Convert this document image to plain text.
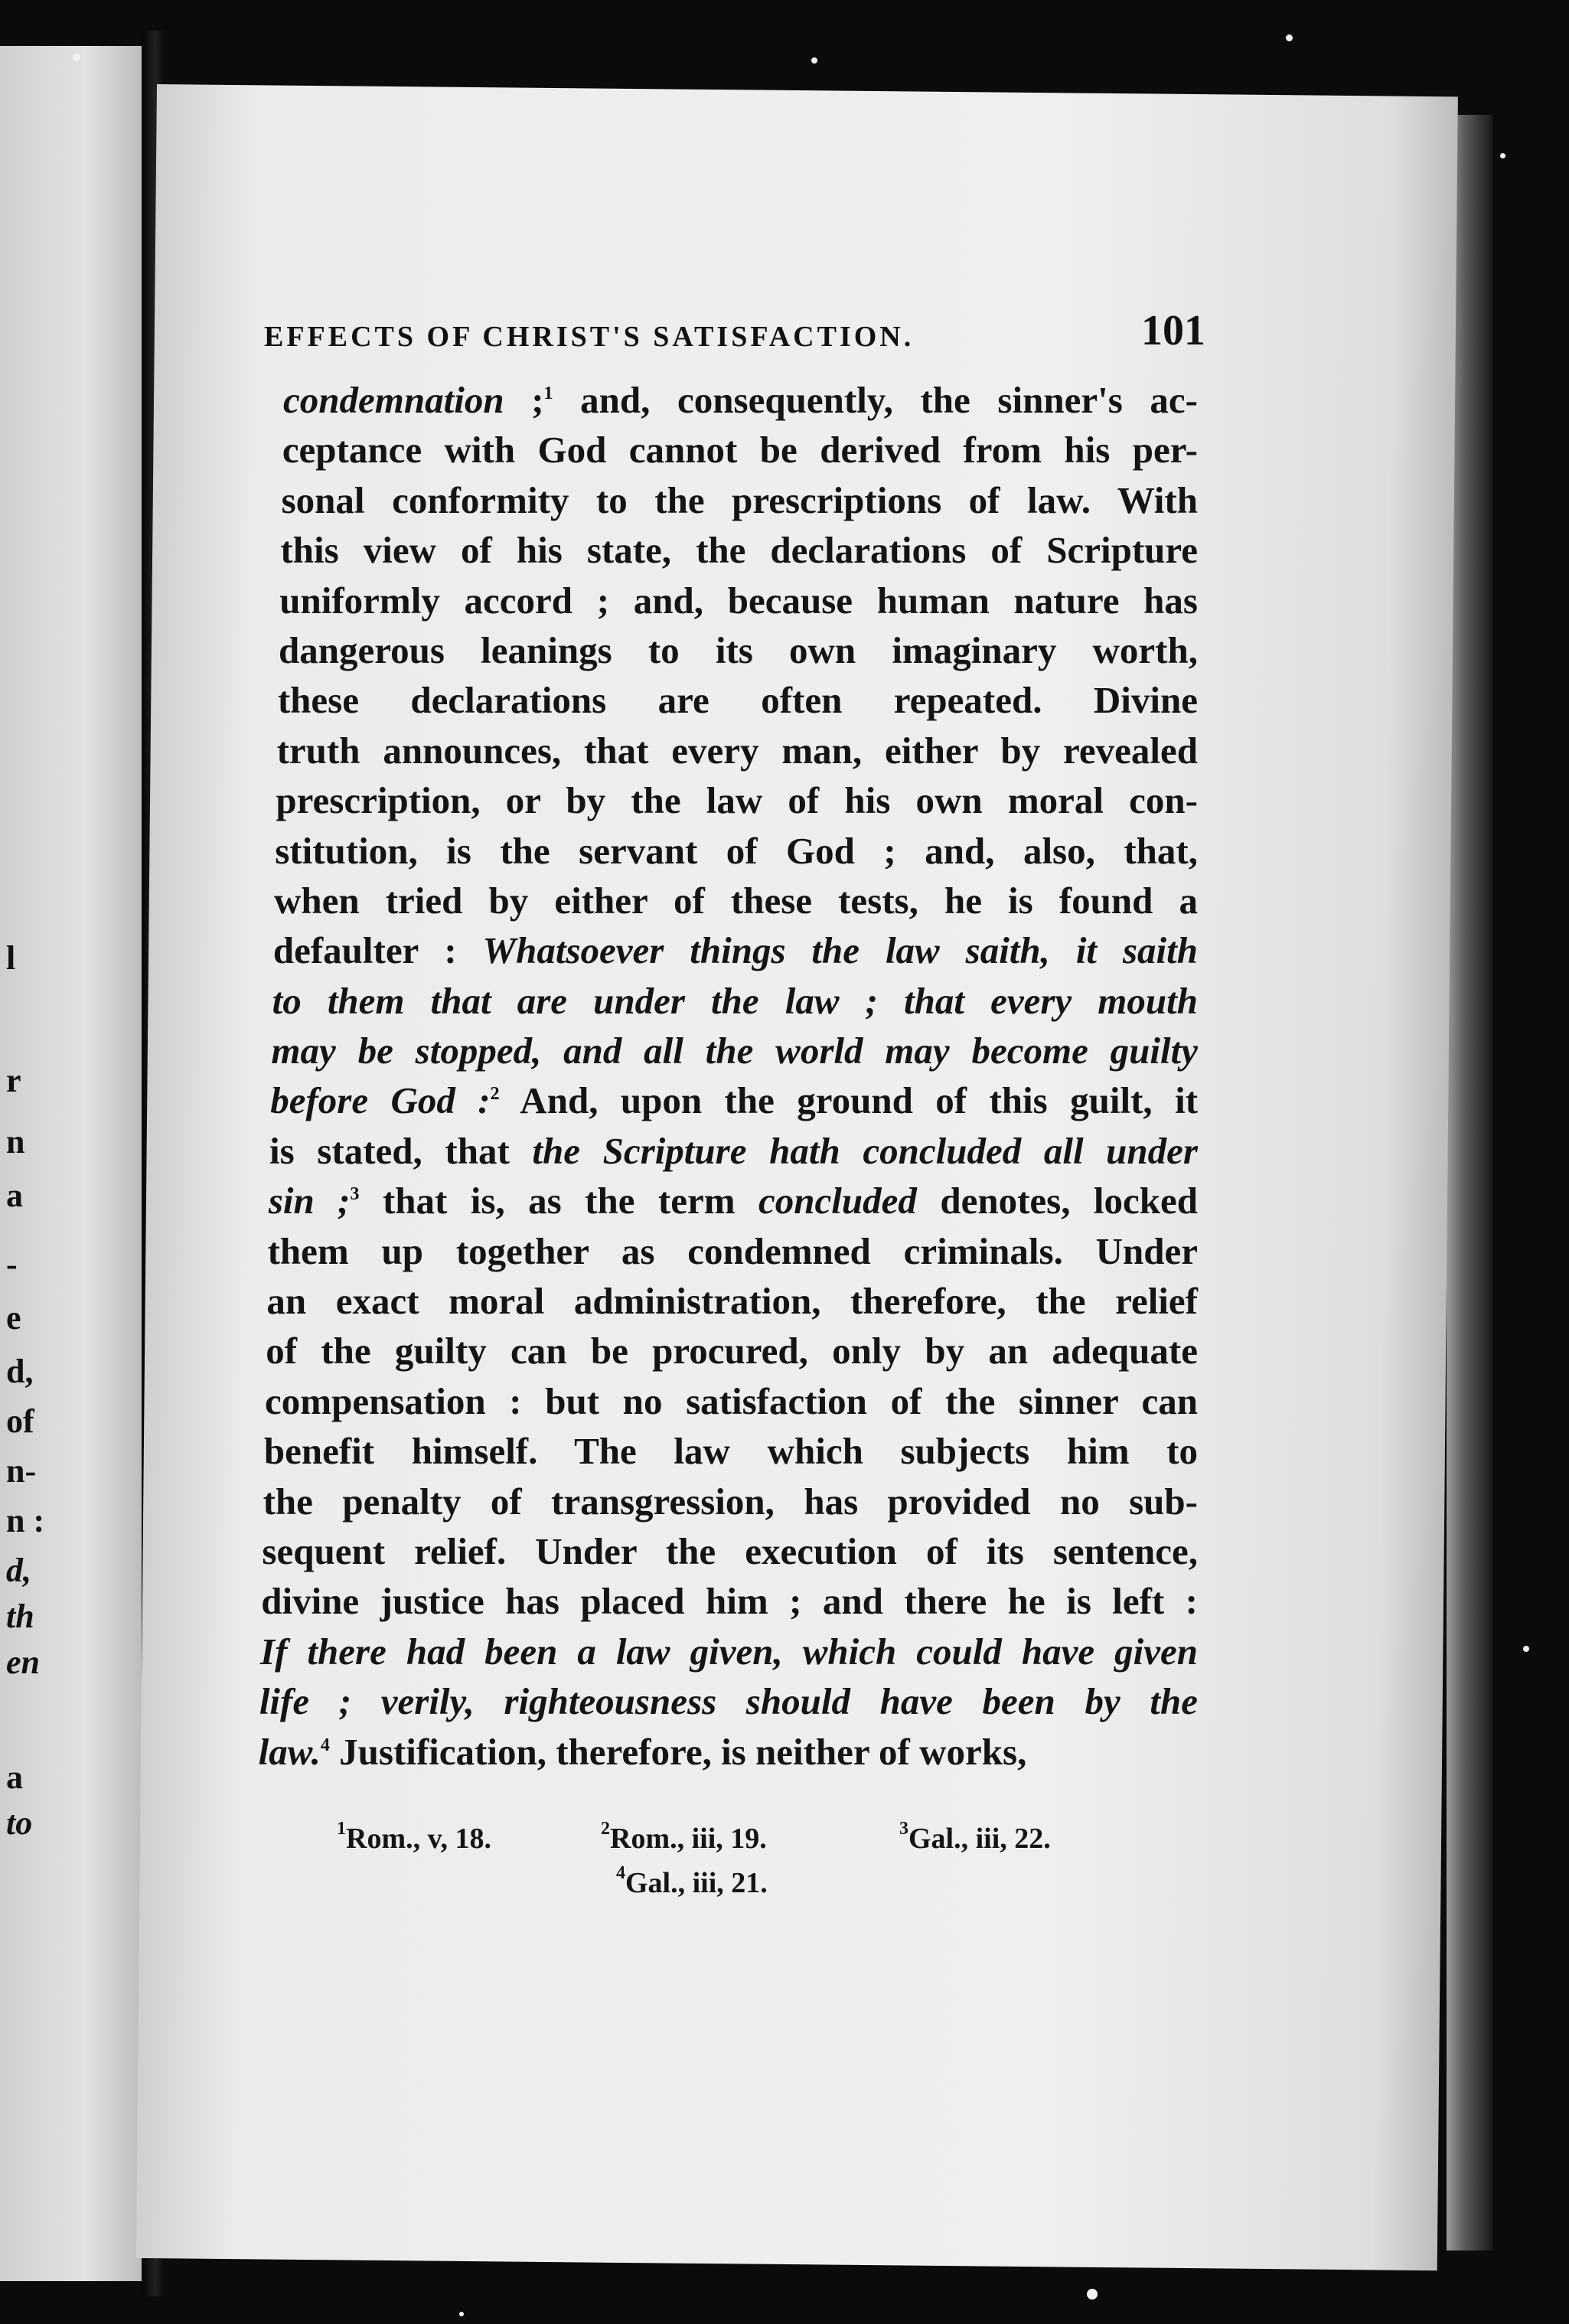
l
r
n
a
-
e
d,
of
n-
n :
d,
th
en
a
to
EFFECTS OF CHRIST'S SATISFACTION.	101
condemnation ;$^1$ and, consequently, the sinner's ac-
ceptance with God cannot be derived from his per-
sonal conformity to the prescriptions of law. With
this view of his state, the declarations of Scripture
uniformly accord ; and, because human nature has
dangerous leanings to its own imaginary worth,
these declarations are often repeated. Divine
truth announces, that every man, either by revealed
prescription, or by the law of his own moral con-
stitution, is the servant of God ; and, also, that,
when tried by either of these tests, he is found a
defaulter : Whatsoever things the law saith, it saith
to them that are under the law ; that every mouth
may be stopped, and all the world may become guilty
before God :$^2$ And, upon the ground of this guilt, it
is stated, that the Scripture hath concluded all under
sin ;$^3$ that is, as the term concluded denotes, locked
them up together as condemned criminals. Under
an exact moral administration, therefore, the relief
of the guilty can be procured, only by an adequate
compensation : but no satisfaction of the sinner can
benefit himself. The law which subjects him to
the penalty of transgression, has provided no sub-
sequent relief. Under the execution of its sentence,
divine justice has placed him ; and there he is left :
If there had been a law given, which could have given
life ; verily, righteousness should have been by the
law.$^4$ Justification, therefore, is neither of works,
$^1$Rom., v, 18.	$^2$Rom., iii, 19.	$^3$Gal., iii, 22.
$^4$Gal., iii, 21.
